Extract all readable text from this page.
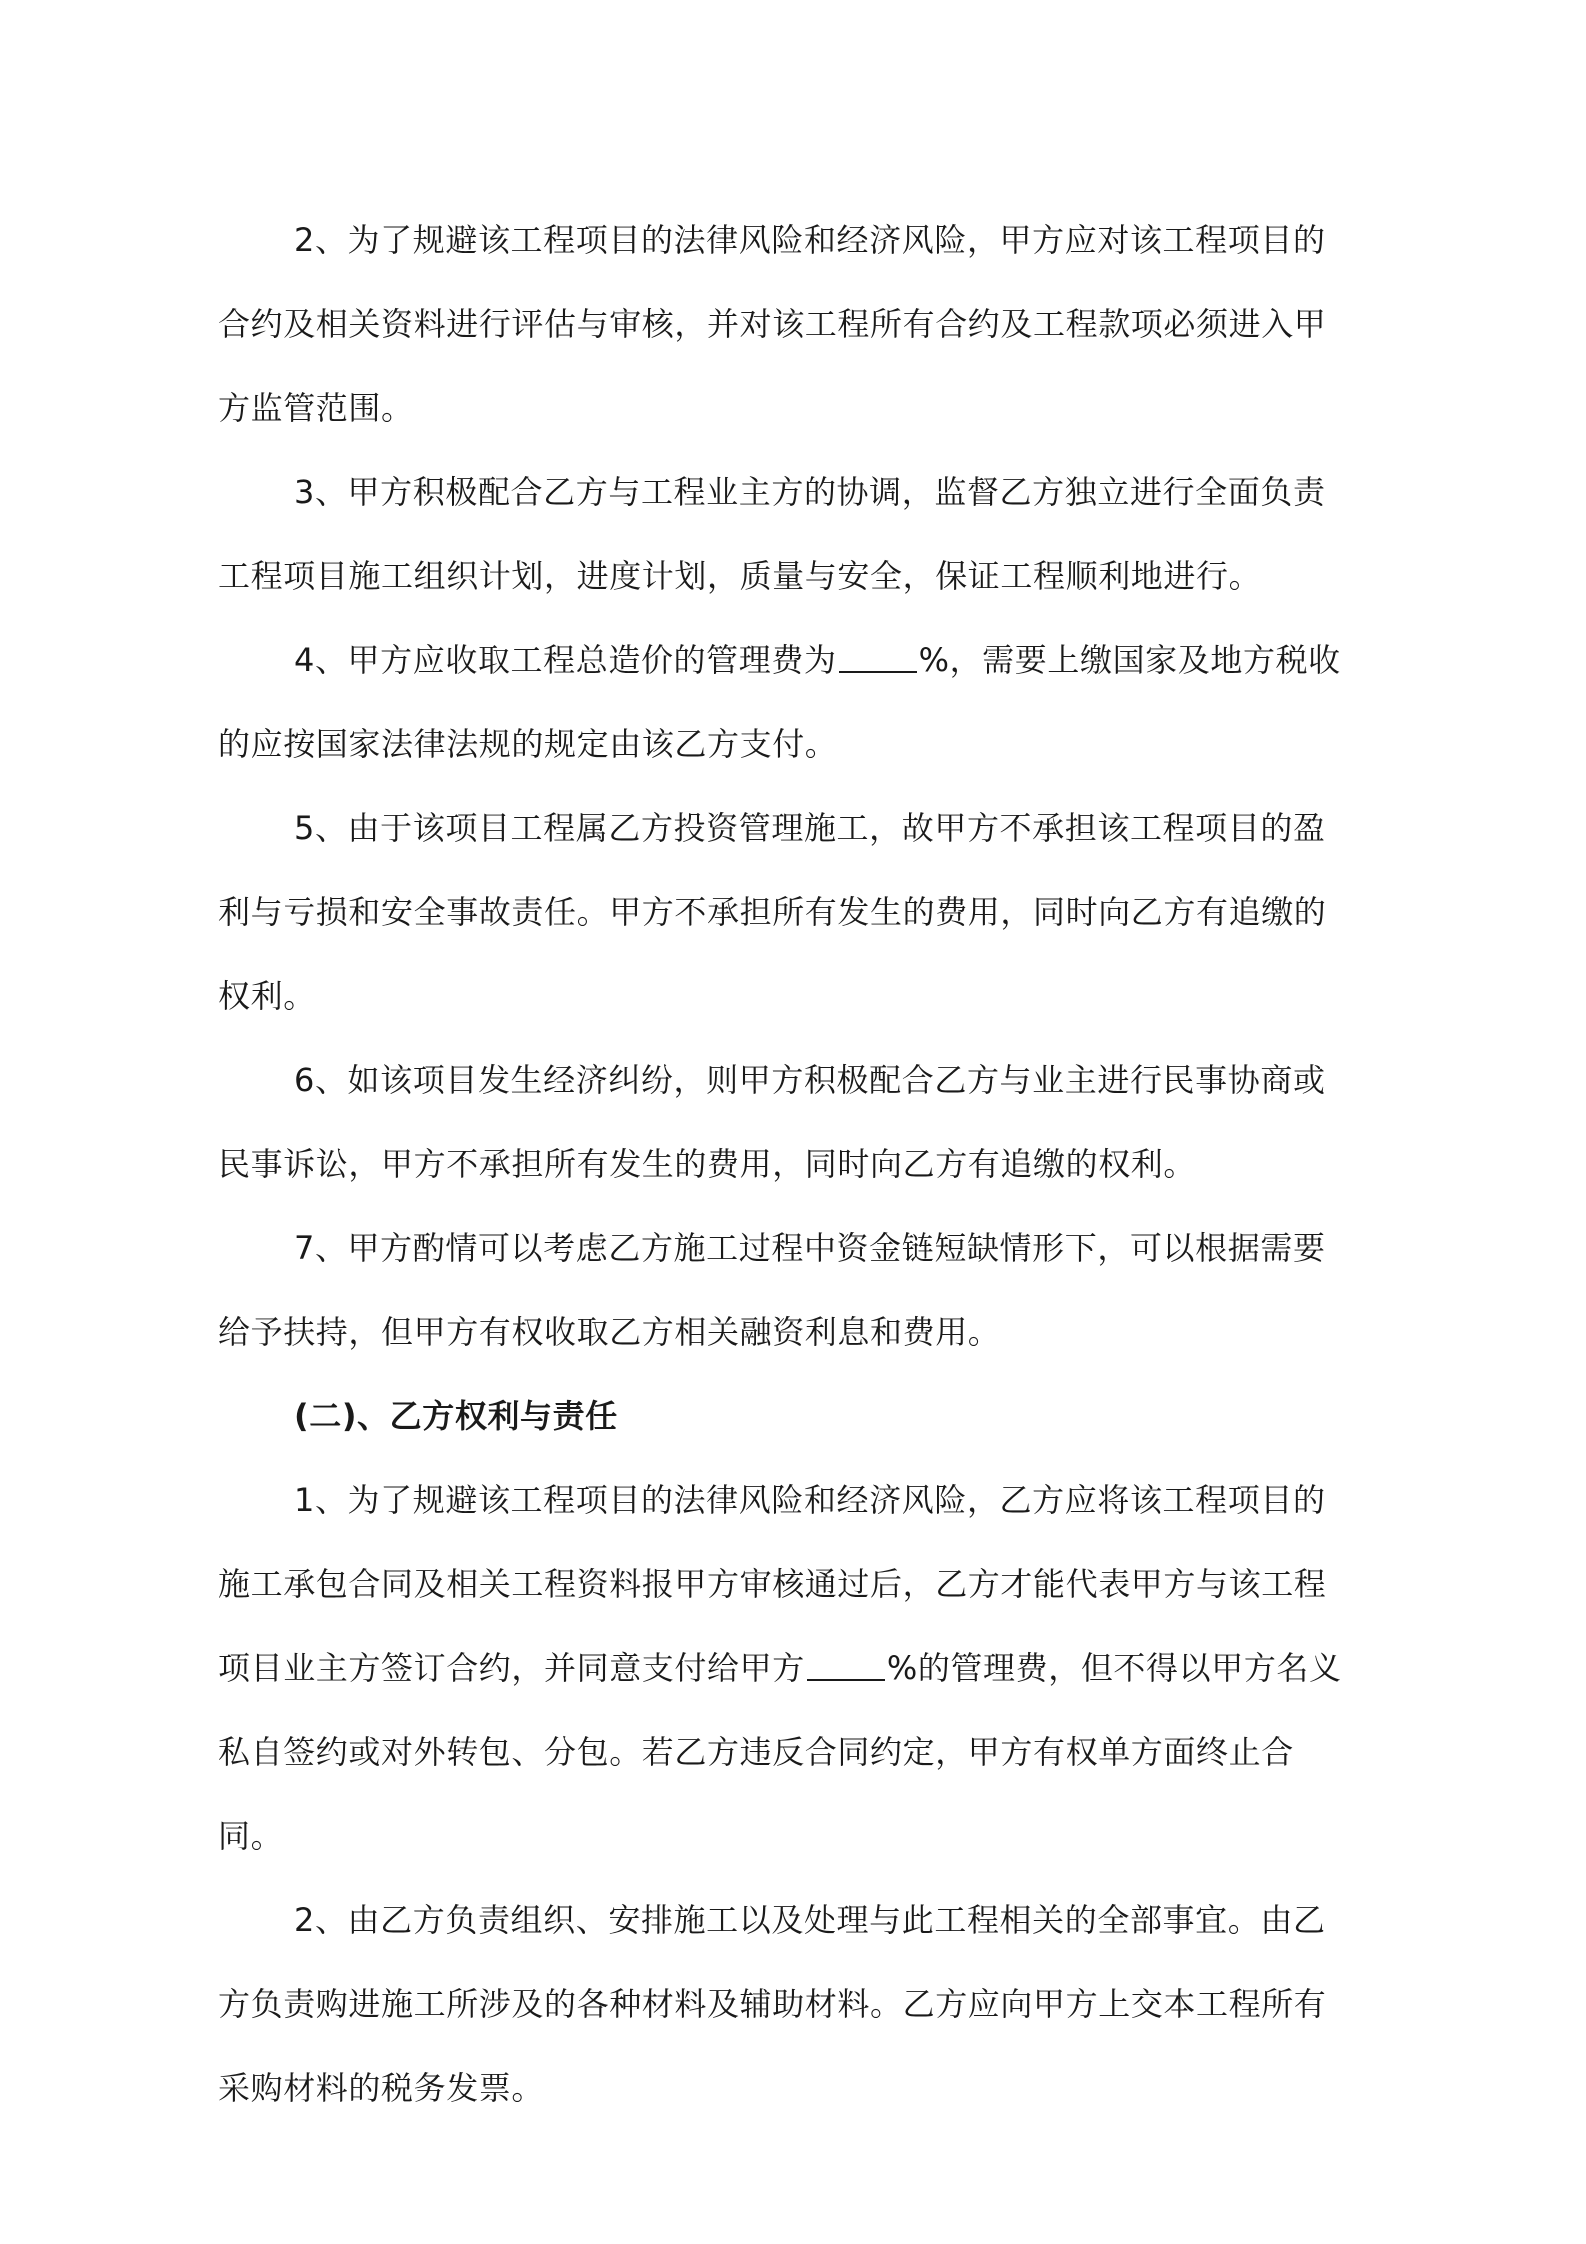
2、为了规避该工程项目的法律风险和经济风险，甲方应对该工程项目的合约及相关资料进行评估与审核，并对该工程所有合约及工程款项必须进入甲方监管范围。

3、甲方积极配合乙方与工程业主方的协调，监督乙方独立进行全面负责工程项目施工组织计划，进度计划，质量与安全，保证工程顺利地进行。

4、甲方应收取工程总造价的管理费为	%，需要上缴国家及地方税收的应按国家法律法规的规定由该乙方支付。

5、由于该项目工程属乙方投资管理施工，故甲方不承担该工程项目的盈利与亏损和安全事故责任。甲方不承担所有发生的费用，同时向乙方有追缴的权利。

6、如该项目发生经济纠纷，则甲方积极配合乙方与业主进行民事协商或民事诉讼，甲方不承担所有发生的费用，同时向乙方有追缴的权利。

7、甲方酌情可以考虑乙方施工过程中资金链短缺情形下，可以根据需要给予扶持，但甲方有权收取乙方相关融资利息和费用。

(二)、乙方权利与责任

1、为了规避该工程项目的法律风险和经济风险，乙方应将该工程项目的施工承包合同及相关工程资料报甲方审核通过后，乙方才能代表甲方与该工程项目业主方签订合约，并同意支付给甲方	%的管理费，但不得以甲方名义私自签约或对外转包、分包。若乙方违反合同约定，甲方有权单方面终止合同。

2、由乙方负责组织、安排施工以及处理与此工程相关的全部事宜。由乙方负责购进施工所涉及的各种材料及辅助材料。乙方应向甲方上交本工程所有采购材料的税务发票。
